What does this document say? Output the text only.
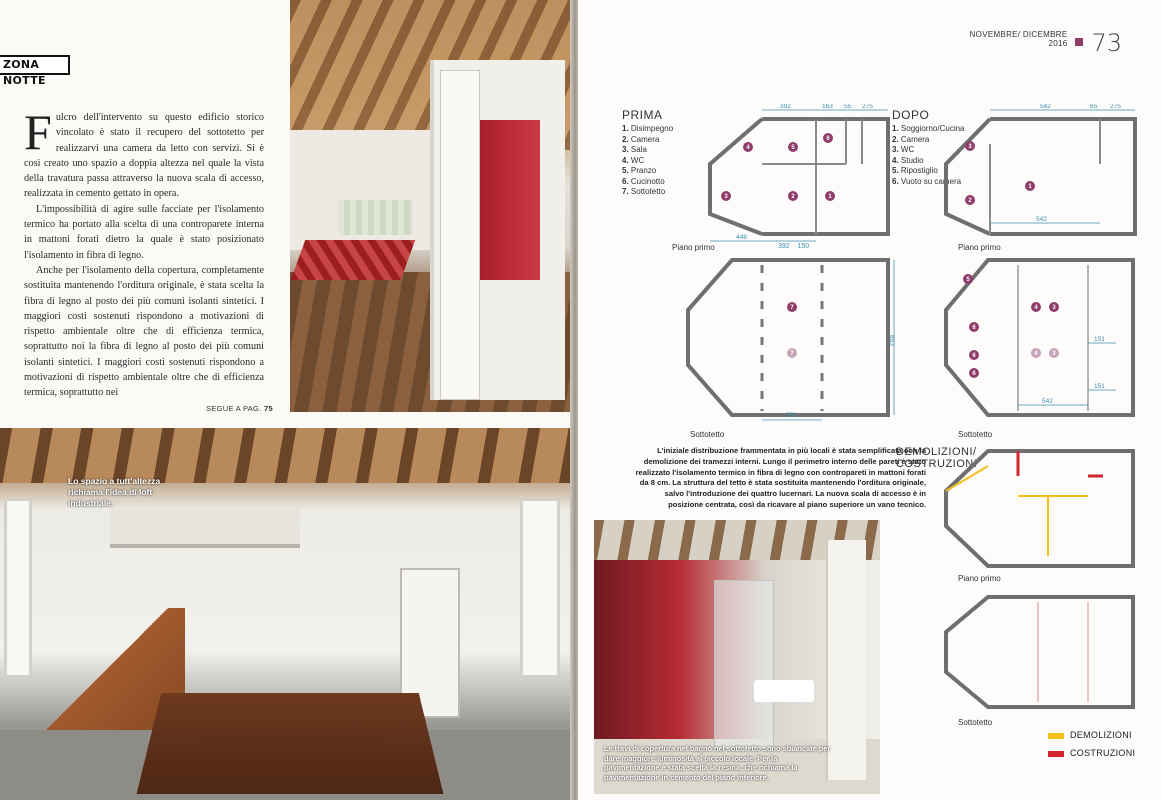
ZONA NOTTE

Fulcro dell'intervento su questo edificio storico vincolato è stato il recupero del sottotetto per realizzarvi una camera da letto con servizi. Si è così creato uno spazio a doppia altezza nel quale la vista della travatura passa attraverso la nuova scala di accesso, realizzata in cemento gettato in opera.

L'impossibilità di agire sulle facciate per l'isolamento termico ha portato alla scelta di una controparete interna in mattoni forati dietro la quale è stato posizionato l'isolamento in fibra di legno.

Anche per l'isolamento della copertura, completamente sostituita mantenendo l'orditura originale, è stata scelta la fibra di legno al posto dei più comuni isolanti sintetici. I maggiori costi sostenuti rispondono a motivazioni di rispetto ambientale oltre che di efficienza termica, soprattutto noi la fibra di legno al posto dei più comuni isolanti sintetici. I maggiori costi sostenuti rispondono a motivazioni di rispetto ambientale oltre che di efficienza termica, soprattutto nei

SEGUE A PAG. 75
Lo spazio a tutt'altezza richiama l'idea di loft industriale.
NOVEMBRE/ DICEMBRE
2016 73
PRIMA
1. Disimpegno
2. Camera
3. Sala
4. WC
5. Pranzo
6. Cucinotto
7. Sottotetto
DOPO
1. Soggiorno/Cucina
2. Camera
3. WC
4. Studio
5. Ripostiglio
6. Vuoto su camera
392	163 55 275
448
3	2	1
4	5
6
Piano primo	392 150
552
893
7
7
Sottotetto
542	65 275
542
2
3
1
Piano primo
542
151
151
5
6
6
6
4 3
4 3
Sottotetto
L'iniziale distribuzione frammentata in più locali è stata semplificata con la demolizione dei tramezzi interni. Lungo il perimetro interno delle pareti è stato realizzato l'isolamento termico in fibra di legno con contropareti in mattoni forati da 8 cm. La struttura del tetto è stata sostituita mantenendo l'orditura originale, salvo l'introduzione dei quattro lucernari. La nuova scala di accesso è in posizione centrata, così da ricavare al piano superiore un vano tecnico.
DEMOLIZIONI/
COSTRUZIONI
Piano primo
Sottotetto
DEMOLIZIONI
COSTRUZIONI
Le travi di copertura nel bagno nel sottotetto sono sbiancate per dare maggiore luminosità al piccolo locale. Per la pavimentazione è stata scelta la resina, che richiama la pavimentazione in cemento del piano inferiore.
